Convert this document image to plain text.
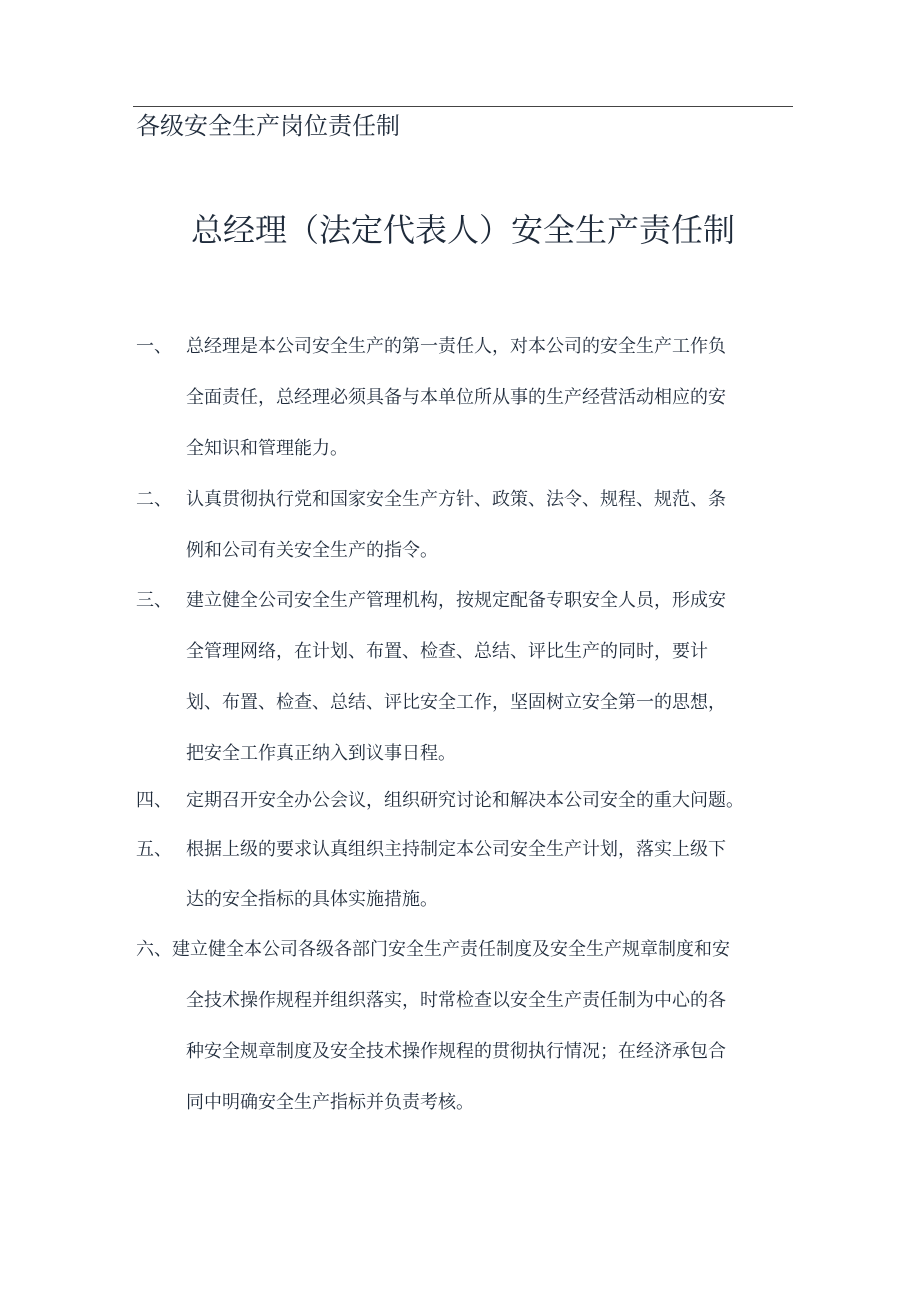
各级安全生产岗位责任制
总经理（法定代表人）安全生产责任制
一、 总经理是本公司安全生产的第一责任人，对本公司的安全生产工作负
全面责任，总经理必须具备与本单位所从事的生产经营活动相应的安
全知识和管理能力。
二、 认真贯彻执行党和国家安全生产方针、政策、法令、规程、规范、条
例和公司有关安全生产的指令。
三、 建立健全公司安全生产管理机构，按规定配备专职安全人员，形成安
全管理网络，在计划、布置、检查、总结、评比生产的同时，要计
划、布置、检查、总结、评比安全工作，坚固树立安全第一的思想，
把安全工作真正纳入到议事日程。
四、 定期召开安全办公会议，组织研究讨论和解决本公司安全的重大问题。
五、 根据上级的要求认真组织主持制定本公司安全生产计划，落实上级下
达的安全指标的具体实施措施。
六、建立健全本公司各级各部门安全生产责任制度及安全生产规章制度和安
全技术操作规程并组织落实，时常检查以安全生产责任制为中心的各
种安全规章制度及安全技术操作规程的贯彻执行情况；在经济承包合
同中明确安全生产指标并负责考核。
